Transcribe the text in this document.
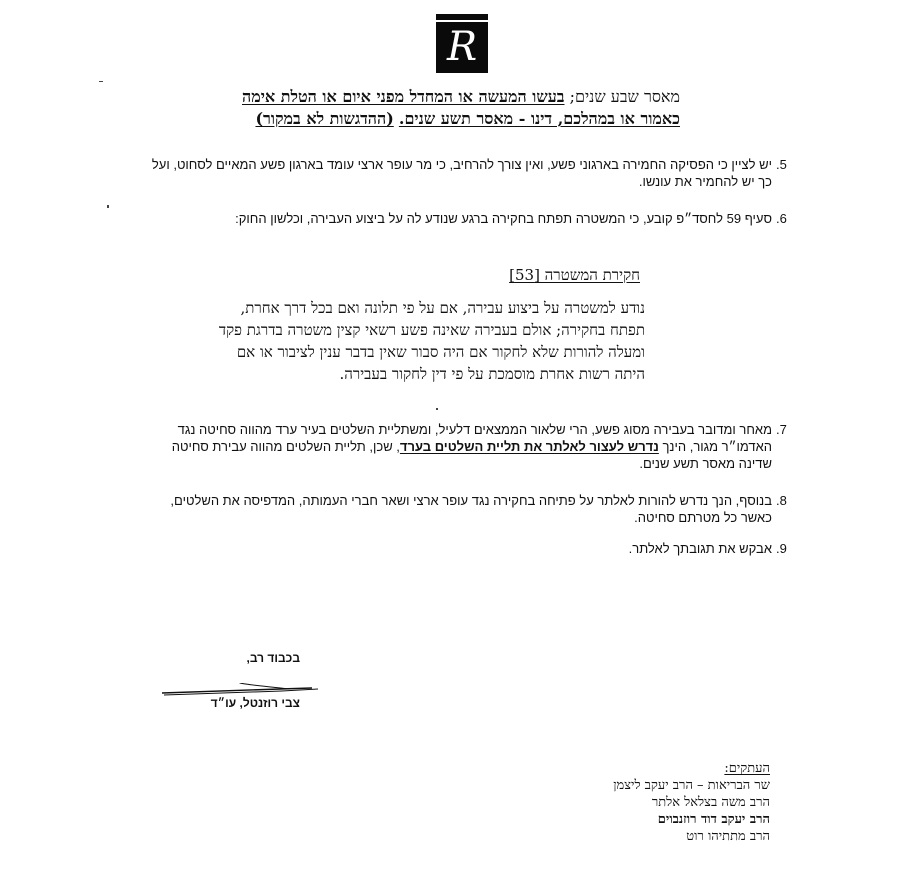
R
מאסר שבע שנים; בעשו המעשה או המחדל מפני איום או הטלת אימה
כאמור או במהלכם, דינו - מאסר תשע שנים. (ההדגשות לא במקור)
5.
יש לציין כי הפסיקה החמירה בארגוני פשע, ואין צורך להרחיב, כי מר עופר ארצי עומד בארגון פשע המאיים לסחוט, ועל כך יש להחמיר את עונשו.
6.
סעיף 59 לחסד״פ קובע, כי המשטרה תפתח בחקירה ברגע שנודע לה על ביצוע העבירה, וכלשון החוק:
חקירת המשטרה [53]
נודע למשטרה על ביצוע עבירה, אם על פי תלונה ואם בכל דרך אחרת,
תפתח בחקירה; אולם בעבירה שאינה פשע רשאי קצין משטרה בדרגת פקד
ומעלה להורות שלא לחקור אם היה סבור שאין בדבר ענין לציבור או אם
היתה רשות אחרת מוסמכת על פי דין לחקור בעבירה.
7.
מאחר ומדובר בעבירה מסוג פשע, הרי שלאור הממצאים דלעיל, ומשתליית השלטים בעיר ערד מהווה סחיטה נגד האדמו״ר מגור, הינך נדרש לעצור לאלתר את תליית השלטים בערד, שכן, תליית השלטים מהווה עבירת סחיטה שדינה מאסר תשע שנים.
8.
בנוסף, הנך נדרש להורות לאלתר על פתיחה בחקירה נגד עופר ארצי ושאר חברי העמותה, המדפיסה את השלטים, כאשר כל מטרתם סחיטה.
9.
אבקש את תגובתך לאלתר.
בכבוד רב,
צבי רוזנטל, עו״ד
העתקים:
שר הבריאות – הרב יעקב ליצמן
הרב משה בצלאל אלתר
הרב יעקב דוד רוזנבוים
הרב מתתיהו רוט
